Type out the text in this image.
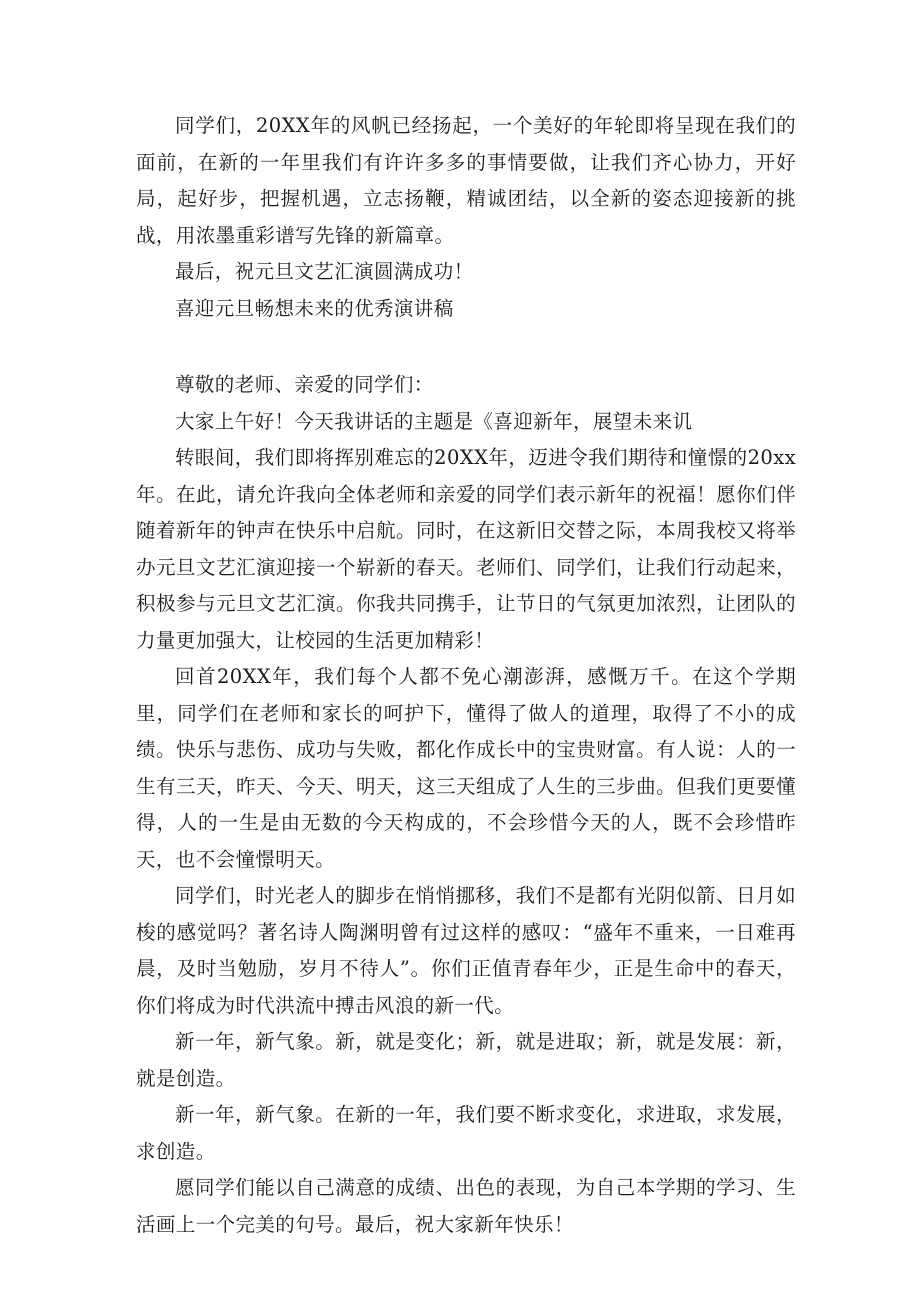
同学们，20XX年的风帆已经扬起，一个美好的年轮即将呈现在我们的面前，在新的一年里我们有许许多多的事情要做，让我们齐心协力，开好局，起好步，把握机遇，立志扬鞭，精诚团结，以全新的姿态迎接新的挑战，用浓墨重彩谱写先锋的新篇章。

最后，祝元旦文艺汇演圆满成功！

喜迎元旦畅想未来的优秀演讲稿

尊敬的老师、亲爱的同学们：

大家上午好！今天我讲话的主题是《喜迎新年，展望未来讥

转眼间，我们即将挥别难忘的20XX年，迈进令我们期待和憧憬的20xx年。在此，请允许我向全体老师和亲爱的同学们表示新年的祝福！愿你们伴随着新年的钟声在快乐中启航。同时，在这新旧交替之际，本周我校又将举办元旦文艺汇演迎接一个崭新的春天。老师们、同学们，让我们行动起来，积极参与元旦文艺汇演。你我共同携手，让节日的气氛更加浓烈，让团队的力量更加强大，让校园的生活更加精彩！

回首20XX年，我们每个人都不免心潮澎湃，感慨万千。在这个学期里，同学们在老师和家长的呵护下，懂得了做人的道理，取得了不小的成绩。快乐与悲伤、成功与失败，都化作成长中的宝贵财富。有人说：人的一生有三天，昨天、今天、明天，这三天组成了人生的三步曲。但我们更要懂得，人的一生是由无数的今天构成的，不会珍惜今天的人，既不会珍惜昨天，也不会憧憬明天。

同学们，时光老人的脚步在悄悄挪移，我们不是都有光阴似箭、日月如梭的感觉吗？著名诗人陶渊明曾有过这样的感叹：“盛年不重来，一日难再晨，及时当勉励，岁月不待人”。你们正值青春年少，正是生命中的春天，你们将成为时代洪流中搏击风浪的新一代。

新一年，新气象。新，就是变化；新，就是进取；新，就是发展：新，就是创造。

新一年，新气象。在新的一年，我们要不断求变化，求进取，求发展，求创造。

愿同学们能以自己满意的成绩、出色的表现，为自己本学期的学习、生活画上一个完美的句号。最后，祝大家新年快乐！
